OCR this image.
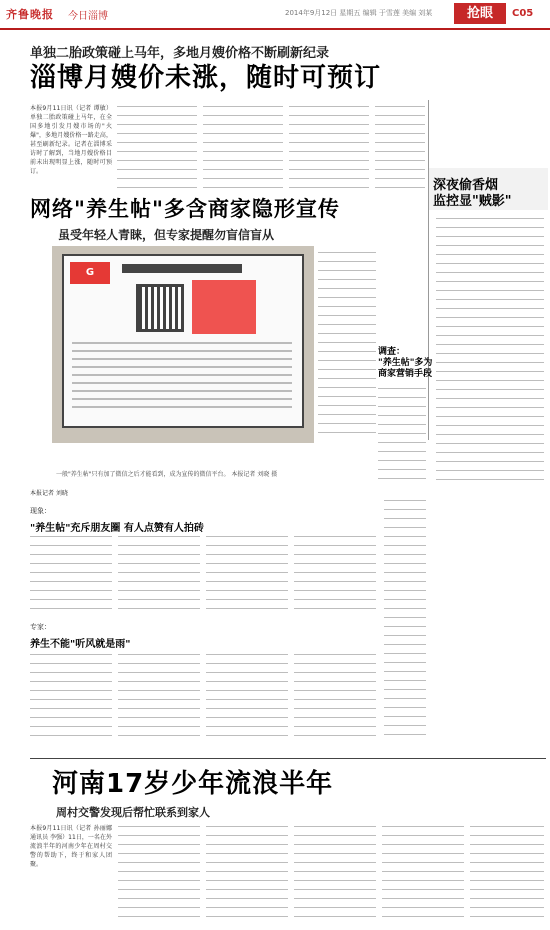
齐鲁晚报 今日淄博	2014年9月12日 星期五 编辑 于雪莲 美编 刘某	抢眼	C05
单独二胎政策碰上马年，多地月嫂价格不断刷新纪录
淄博月嫂价未涨，随时可预订
本报9月11日讯（记者 谭敏）单独二胎政策碰上马年，在全国多地引发月嫂市场的"火爆"，多地月嫂价格一路走高，甚至刷新纪录。记者在淄博采访时了解到，当地月嫂价格目前未出现明显上涨，随时可预订。
深夜偷香烟
监控显"贼影"
网络"养生帖"多含商家隐形宣传
虽受年轻人青睐，但专家提醒勿盲信盲从
G
一般"养生帖"只有加了微信之后才能看到，成为宣传的微信平台。 本报记者 刘晓 摄
调查：
"养生帖"多为
商家营销手段
本报记者 刘晓
现象：
"养生帖"充斥朋友圈 有人点赞有人拍砖
专家：
养生不能"听风就是雨"
河南17岁少年流浪半年
周村交警发现后帮忙联系到家人
本报9月11日讯（记者 孙丽娜 通讯员 李强）11日，一名在外流浪半年的河南少年在周村交警的帮助下，终于和家人团聚。
